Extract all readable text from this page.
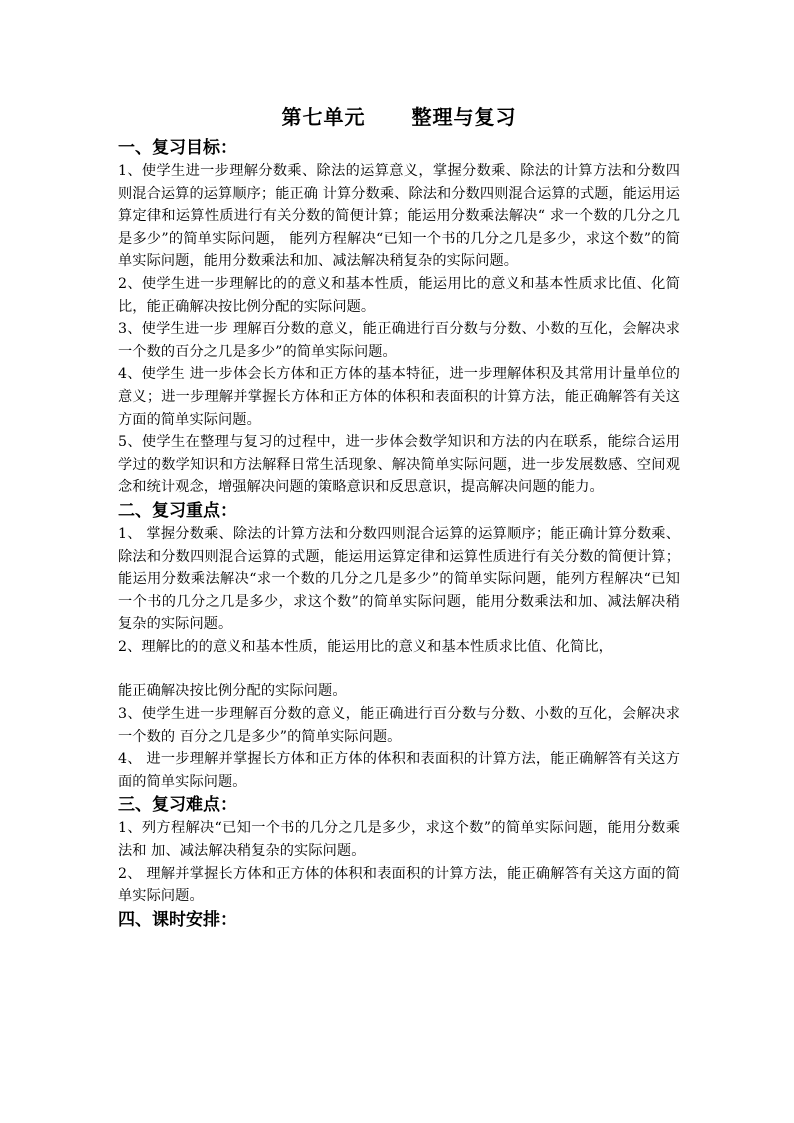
第七单元 整理与复习
一、复习目标：

1、使学生进一步理解分数乘、除法的运算意义，掌握分数乘、除法的计算方法和分数四则混合运算的运算顺序；能正确 计算分数乘、除法和分数四则混合运算的式题，能运用运算定律和运算性质进行有关分数的简便计算；能运用分数乘法解决“ 求一个数的几分之几是多少”的简单实际问题， 能列方程解决“已知一个书的几分之几是多少，求这个数”的简单实际问题，能用分数乘法和加、减法解决稍复杂的实际问题。

2、使学生进一步理解比的的意义和基本性质，能运用比的意义和基本性质求比值、化简比，能正确解决按比例分配的实际问题。

3、使学生进一步 理解百分数的意义，能正确进行百分数与分数、小数的互化，会解决求一个数的百分之几是多少”的简单实际问题。

4、使学生 进一步体会长方体和正方体的基本特征，进一步理解体积及其常用计量单位的意义；进一步理解并掌握长方体和正方体的体积和表面积的计算方法，能正确解答有关这方面的简单实际问题。

5、使学生在整理与复习的过程中，进一步体会数学知识和方法的内在联系，能综合运用学过的数学知识和方法解释日常生活现象、解决简单实际问题，进一步发展数感、空间观念和统计观念，增强解决问题的策略意识和反思意识，提高解决问题的能力。

二、复习重点：

1、 掌握分数乘、除法的计算方法和分数四则混合运算的运算顺序；能正确计算分数乘、除法和分数四则混合运算的式题，能运用运算定律和运算性质进行有关分数的简便计算；能运用分数乘法解决“求一个数的几分之几是多少”的简单实际问题，能列方程解决“已知一个书的几分之几是多少，求这个数”的简单实际问题，能用分数乘法和加、减法解决稍复杂的实际问题。

2、理解比的的意义和基本性质，能运用比的意义和基本性质求比值、化简比，

能正确解决按比例分配的实际问题。

3、使学生进一步理解百分数的意义，能正确进行百分数与分数、小数的互化，会解决求一个数的 百分之几是多少”的简单实际问题。

4、 进一步理解并掌握长方体和正方体的体积和表面积的计算方法，能正确解答有关这方面的简单实际问题。

三、复习难点：

1、列方程解决“已知一个书的几分之几是多少，求这个数”的简单实际问题，能用分数乘法和 加、减法解决稍复杂的实际问题。

2、 理解并掌握长方体和正方体的体积和表面积的计算方法，能正确解答有关这方面的简单实际问题。

四、课时安排：
